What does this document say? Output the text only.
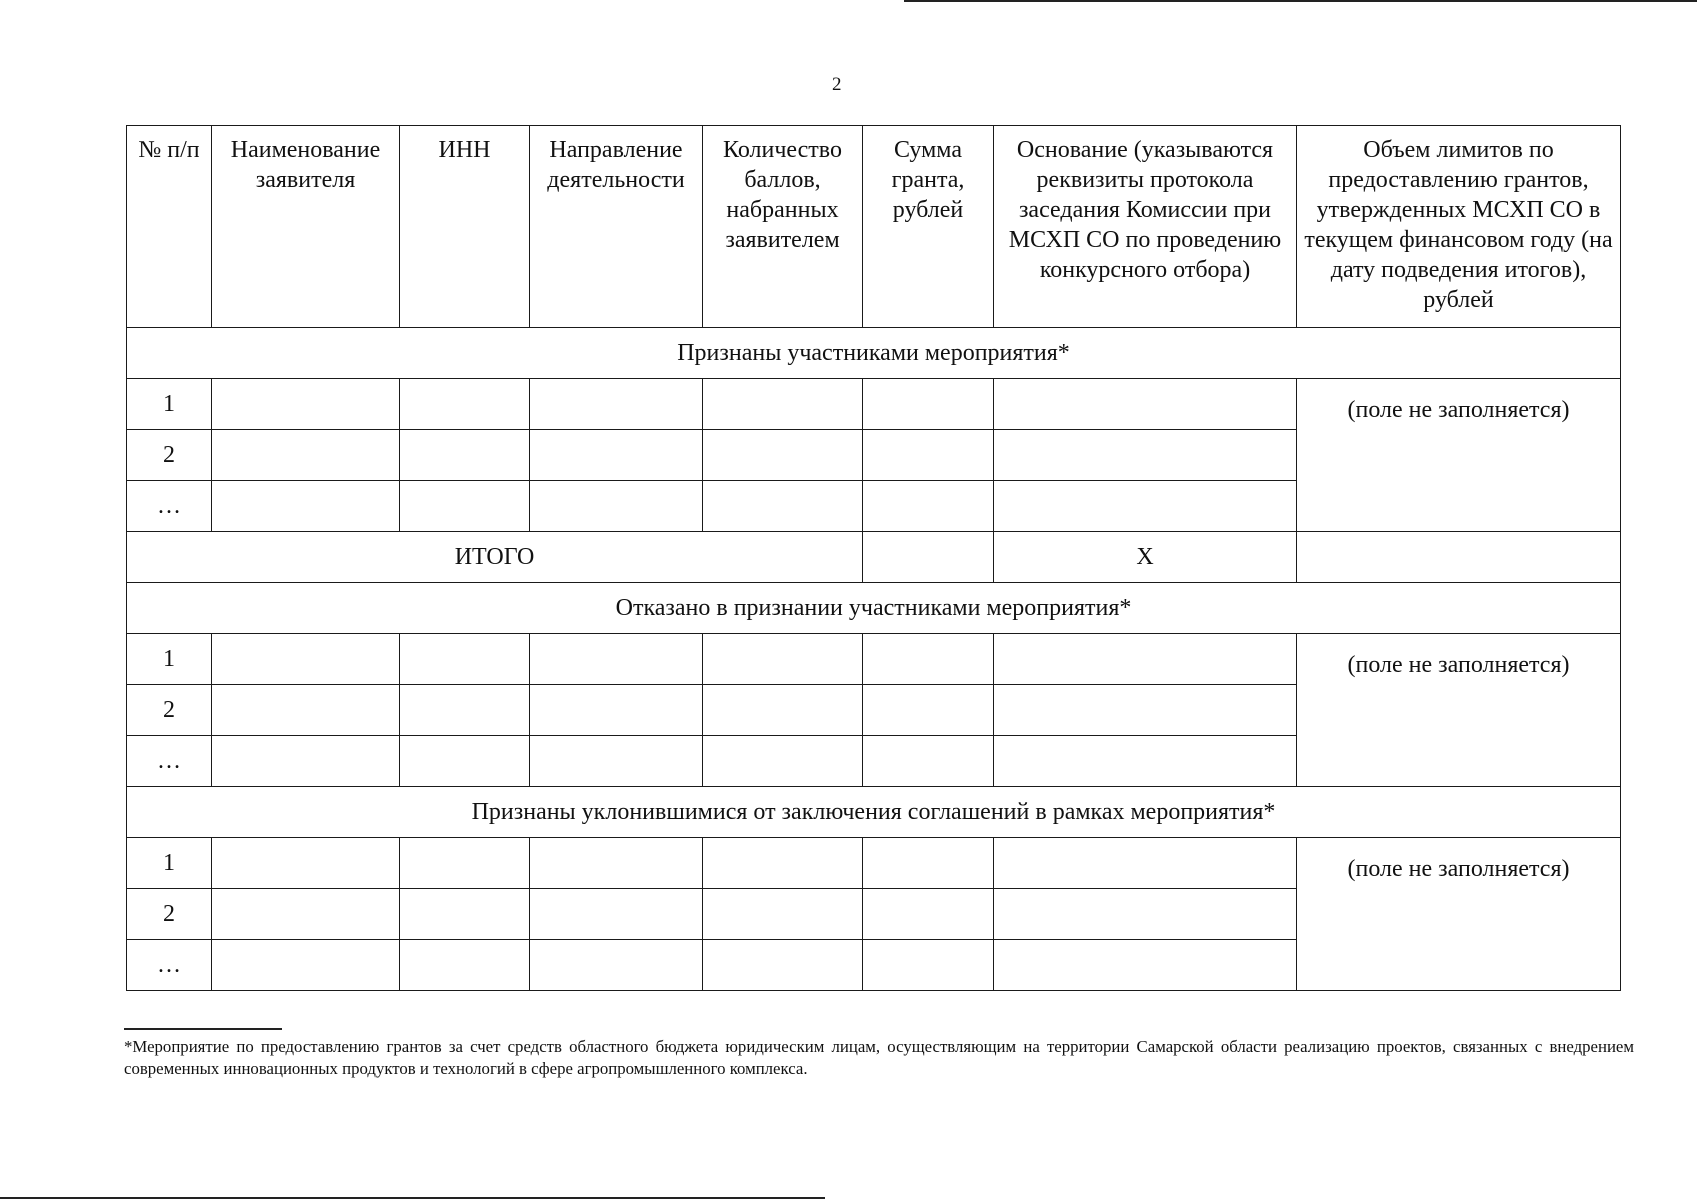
2
№ п/п	Наименование заявителя	ИНН	Направление деятельности	Количество баллов, набранных заявителем	Сумма гранта, рублей	Основание (указываются реквизиты протокола заседания Комиссии при МСХП СО по проведению конкурсного отбора)	Объем лимитов по предоставлению грантов, утвержденных МСХП СО в текущем финансовом году (на дату подведения итогов), рублей
Признаны участниками мероприятия*							
1							(поле не заполняется)
2							
…							
ИТОГО						X	
Отказано в признании участниками мероприятия*							
1							(поле не заполняется)
2							
…							
Признаны уклонившимися от заключения соглашений в рамках мероприятия*							
1							(поле не заполняется)
2							
…							
*Мероприятие по предоставлению грантов за счет средств областного бюджета юридическим лицам, осуществляющим на территории Самарской области реализацию проектов, связанных с внедрением современных инновационных продуктов и технологий в сфере агропромышленного комплекса.
